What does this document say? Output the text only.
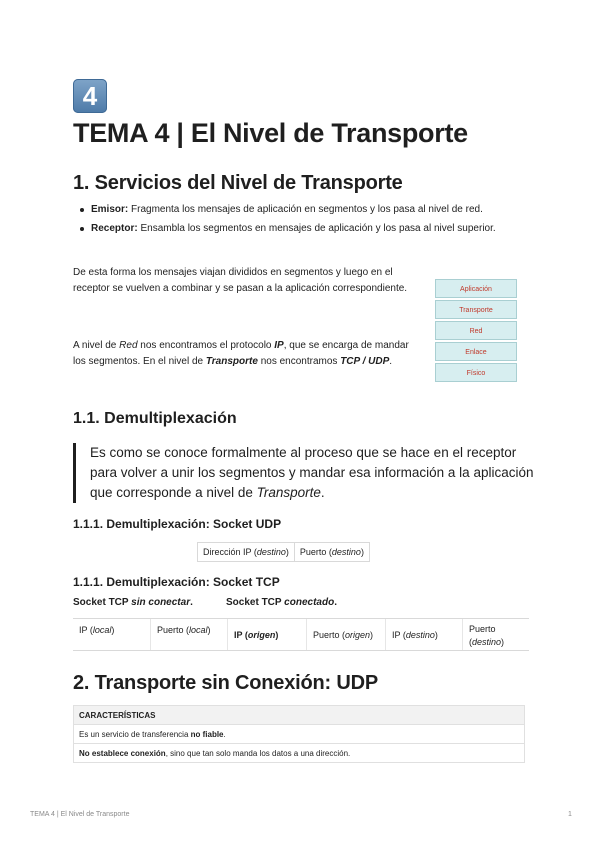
4
TEMA 4 | El Nivel de Transporte
1. Servicios del Nivel de Transporte
Emisor: Fragmenta los mensajes de aplicación en segmentos y los pasa al nivel de red.
Receptor: Ensambla los segmentos en mensajes de aplicación y los pasa al nivel superior.
De esta forma los mensajes viajan divididos en segmentos y luego en el receptor se vuelven a combinar y se pasan a la aplicación correspondiente.
A nivel de Red nos encontramos el protocolo IP, que se encarga de mandar los segmentos. En el nivel de Transporte nos encontramos TCP / UDP.
Aplicación
Transporte
Red
Enlace
Físico
1.1. Demultiplexación
Es como se conoce formalmente al proceso que se hace en el receptor para volver a unir los segmentos y mandar esa información a la aplicación que corresponde a nivel de Transporte.
1.1.1. Demultiplexación: Socket UDP
Dirección IP (destino)	Puerto (destino)
1.1.1. Demultiplexación: Socket TCP
Socket TCP sin conectar.	Socket TCP conectado.
IP (local)	Puerto (local)	IP (origen)	Puerto (origen)	IP (destino)	Puerto
(destino)
2. Transporte sin Conexión: UDP
CARACTERÍSTICAS
Es un servicio de transferencia no fiable.
No establece conexión, sino que tan solo manda los datos a una dirección.
TEMA 4 | El Nivel de Transporte	1
